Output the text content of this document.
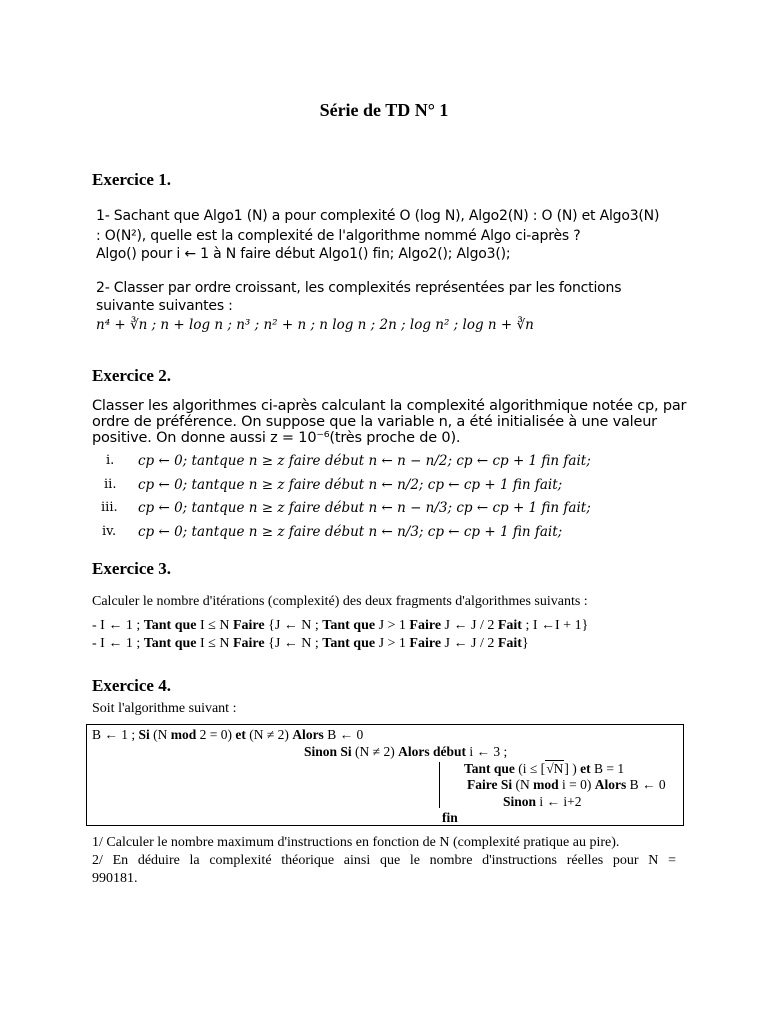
Série de TD N° 1
Exercice 1.
1- Sachant que Algo1 (N) a pour complexité O (log N), Algo2(N) : O (N) et Algo3(N)
: O(N²), quelle est la complexité de l'algorithme nommé Algo ci-après ?
Algo() pour i ← 1 à N faire début Algo1() fin; Algo2(); Algo3();
2- Classer par ordre croissant, les complexités représentées par les fonctions
suivante suivantes :
n⁴ + ∛n ; n + log n ; n³ ; n² + n ; n log n ; 2n ; log n² ; log n + ∛n
Exercice 2.
Classer les algorithmes ci-après calculant la complexité algorithmique notée cp, par
ordre de préférence. On suppose que la variable n, a été initialisée à une valeur
positive. On donne aussi z = 10⁻⁶(très proche de 0).
i. cp ← 0; tantque n ≥ z faire début n ← n − n/2; cp ← cp + 1 fin fait;
ii. cp ← 0; tantque n ≥ z faire début n ← n/2; cp ← cp + 1 fin fait;
iii. cp ← 0; tantque n ≥ z faire début n ← n − n/3; cp ← cp + 1 fin fait;
iv. cp ← 0; tantque n ≥ z faire début n ← n/3; cp ← cp + 1 fin fait;
Exercice 3.
Calculer le nombre d'itérations (complexité) des deux fragments d'algorithmes suivants :
- I ← 1 ; Tant que I ≤ N Faire {J ← N ; Tant que J > 1 Faire J ← J / 2 Fait ; I ←I + 1}
- I ← 1 ; Tant que I ≤ N Faire {J ← N ; Tant que J > 1 Faire J ← J / 2 Fait}
Exercice 4.
Soit l'algorithme suivant :
B ← 1 ; Si (N mod 2 = 0) et (N ≠ 2) Alors B ← 0
Sinon Si (N ≠ 2) Alors début i ← 3 ;
Tant que (i ≤ [√N] ) et B = 1
Faire Si (N mod i = 0) Alors B ← 0
Sinon i ← i+2
fin
1/ Calculer le nombre maximum d'instructions en fonction de N (complexité pratique au pire).
2/ En déduire la complexité théorique ainsi que le nombre d'instructions réelles pour N =
990181.
